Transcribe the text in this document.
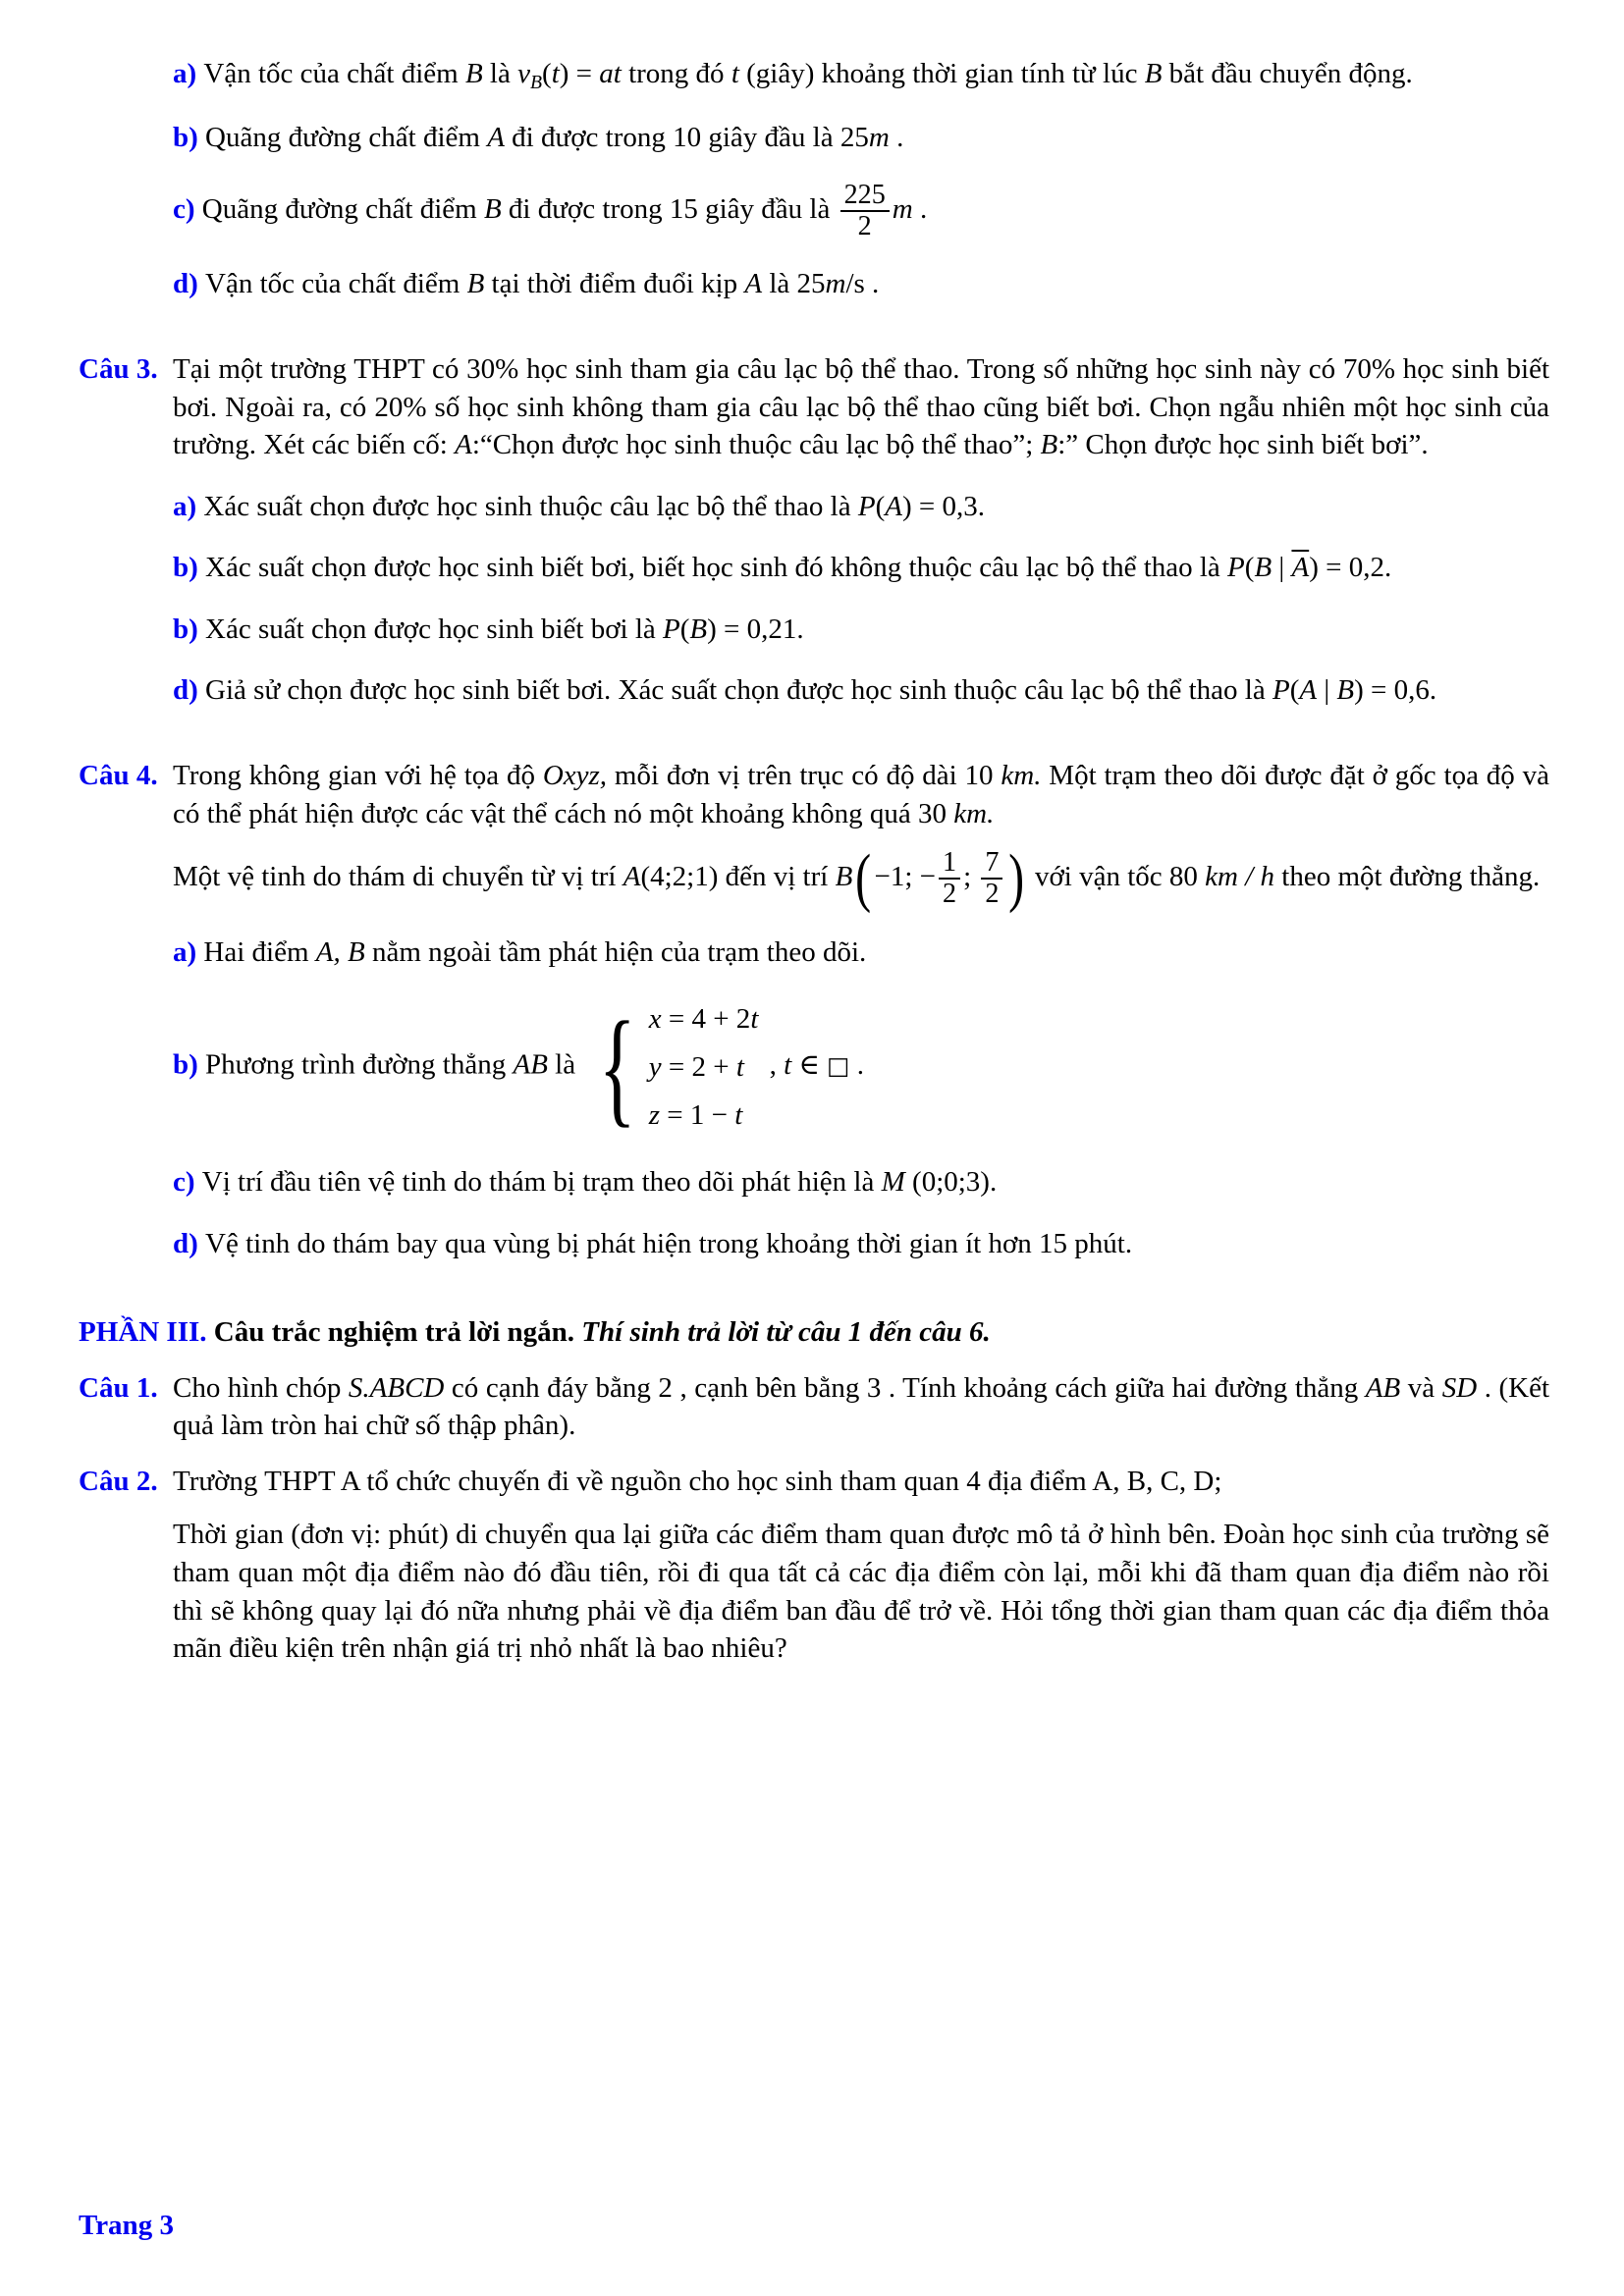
a) Vận tốc của chất điểm B là $v_B(t)$ = at trong đó t (giây) khoảng thời gian tính từ lúc B bắt đầu chuyển động.

b) Quãng đường chất điểm A đi được trong 10 giây đầu là 25m .

c) Quãng đường chất điểm B đi được trong 15 giây đầu là $\frac{225}{2}$ m .

d) Vận tốc của chất điểm B tại thời điểm đuổi kịp A là 25m/s .

Câu 3. Tại một trường THPT có 30% học sinh tham gia câu lạc bộ thể thao. Trong số những học sinh này có 70% học sinh biết bơi. Ngoài ra, có 20% số học sinh không tham gia câu lạc bộ thể thao cũng biết bơi. Chọn ngẫu nhiên một học sinh của trường. Xét các biến cố: A:“Chọn được học sinh thuộc câu lạc bộ thể thao”; B:” Chọn được học sinh biết bơi”.

a) Xác suất chọn được học sinh thuộc câu lạc bộ thể thao là P(A) = 0,3.

b) Xác suất chọn được học sinh biết bơi, biết học sinh đó không thuộc câu lạc bộ thể thao là P(B | $\overline{A}) = 0,2$.

b) Xác suất chọn được học sinh biết bơi là P(B) = 0,21.

d) Giả sử chọn được học sinh biết bơi. Xác suất chọn được học sinh thuộc câu lạc bộ thể thao là P(A | B) = 0,6.

Câu 4. Trong không gian với hệ tọa độ Oxyz, mỗi đơn vị trên trục có độ dài 10 km. Một trạm theo dõi được đặt ở gốc tọa độ và có thể phát hiện được các vật thể cách nó một khoảng không quá 30 km.

Một vệ tinh do thám di chuyển từ vị trí A(4;2;1) đến vị trí B( −1; − $\frac{1}{2}$ ; $\frac{7}{2}$ ) với vận tốc 80 km / h theo một đường thẳng.

a) Hai điểm A, B nằm ngoài tầm phát hiện của trạm theo dõi.

b) Phương trình đường thẳng AB là { x = 4 + 2t
y = 2 + t
z = 1 − t
, t ∈ □ .

c) Vị trí đầu tiên vệ tinh do thám bị trạm theo dõi phát hiện là M (0;0;3).

d) Vệ tinh do thám bay qua vùng bị phát hiện trong khoảng thời gian ít hơn 15 phút.

PHẦN III. Câu trắc nghiệm trả lời ngắn. Thí sinh trả lời từ câu 1 đến câu 6.

Câu 1. Cho hình chóp S.ABCD có cạnh đáy bằng 2 , cạnh bên bằng 3 . Tính khoảng cách giữa hai đường thẳng AB và SD . (Kết quả làm tròn hai chữ số thập phân).

Câu 2. Trường THPT A tổ chức chuyến đi về nguồn cho học sinh tham quan 4 địa điểm A, B, C, D;

Thời gian (đơn vị: phút) di chuyển qua lại giữa các điểm tham quan được mô tả ở hình bên. Đoàn học sinh của trường sẽ tham quan một địa điểm nào đó đầu tiên, rồi đi qua tất cả các địa điểm còn lại, mỗi khi đã tham quan địa điểm nào rồi thì sẽ không quay lại đó nữa nhưng phải về địa điểm ban đầu để trở về. Hỏi tổng thời gian tham quan các địa điểm thỏa mãn điều kiện trên nhận giá trị nhỏ nhất là bao nhiêu?

Trang 3
